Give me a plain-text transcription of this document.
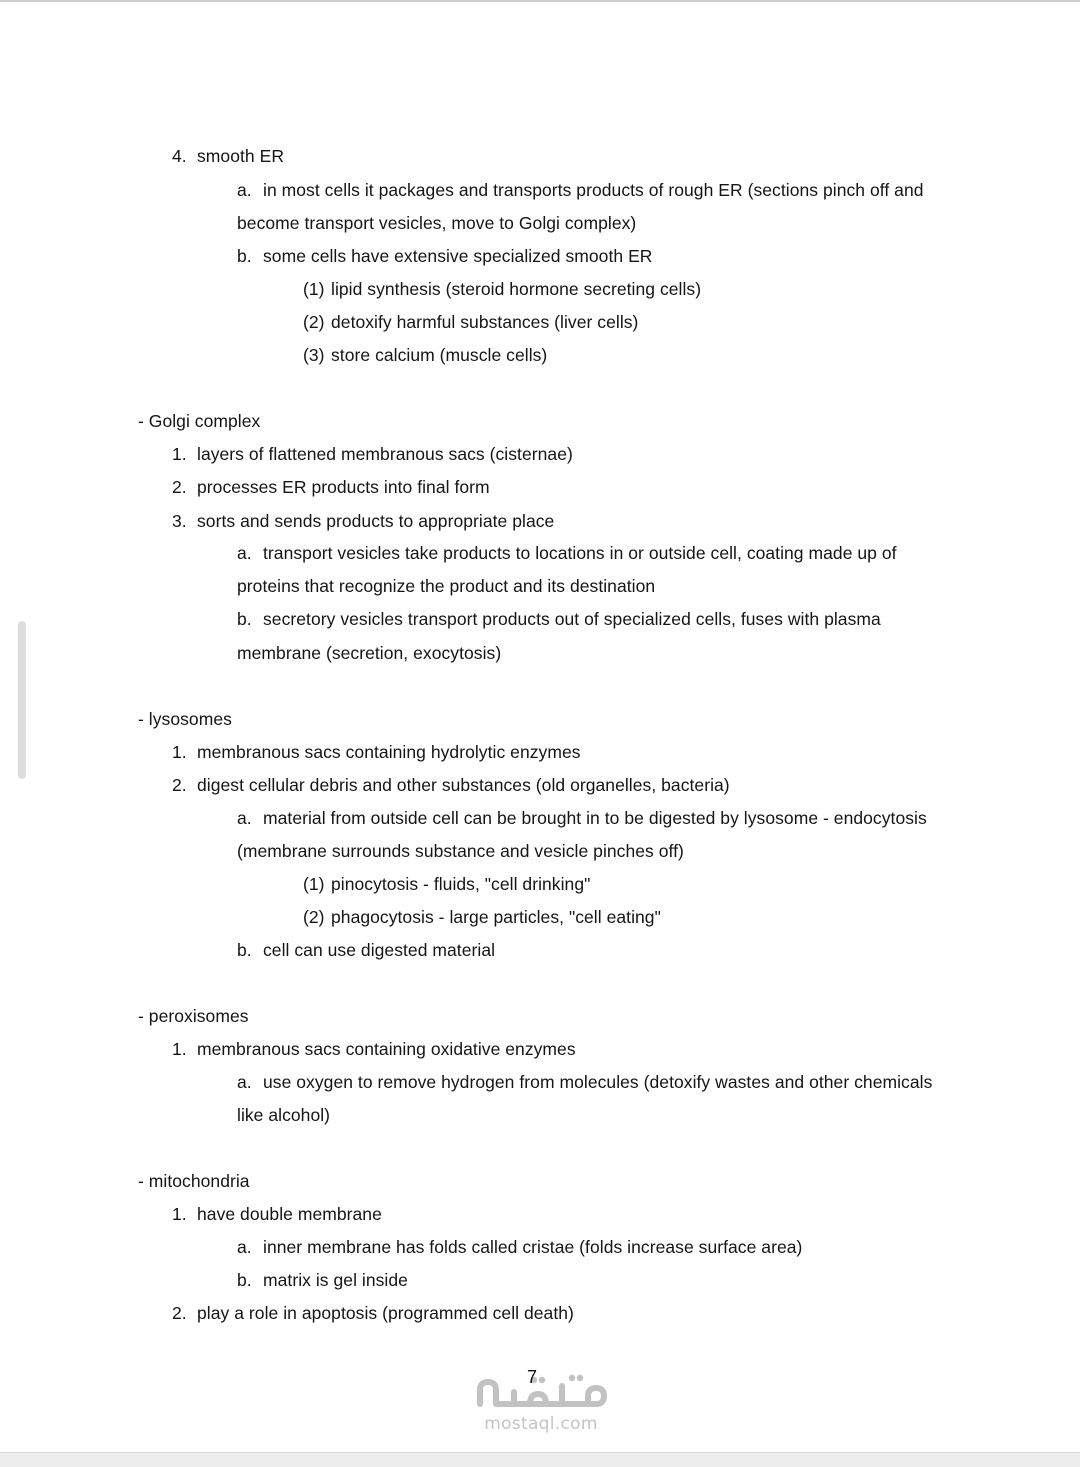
4. smooth ER
a. in most cells it packages and transports products of rough ER (sections pinch off and
become transport vesicles, move to Golgi complex)
b. some cells have extensive specialized smooth ER
(1) lipid synthesis (steroid hormone secreting cells)
(2) detoxify harmful substances (liver cells)
(3) store calcium (muscle cells)
- Golgi complex
1. layers of flattened membranous sacs (cisternae)
2. processes ER products into final form
3. sorts and sends products to appropriate place
a. transport vesicles take products to locations in or outside cell, coating made up of
proteins that recognize the product and its destination
b. secretory vesicles transport products out of specialized cells, fuses with plasma
membrane (secretion, exocytosis)
- lysosomes
1. membranous sacs containing hydrolytic enzymes
2. digest cellular debris and other substances (old organelles, bacteria)
a. material from outside cell can be brought in to be digested by lysosome - endocytosis
(membrane surrounds substance and vesicle pinches off)
(1) pinocytosis - fluids, "cell drinking"
(2) phagocytosis - large particles, "cell eating"
b. cell can use digested material
- peroxisomes
1. membranous sacs containing oxidative enzymes
a. use oxygen to remove hydrogen from molecules (detoxify wastes and other chemicals
like alcohol)
- mitochondria
1. have double membrane
a. inner membrane has folds called cristae (folds increase surface area)
b. matrix is gel inside
2. play a role in apoptosis (programmed cell death)
mostaql.com
7
